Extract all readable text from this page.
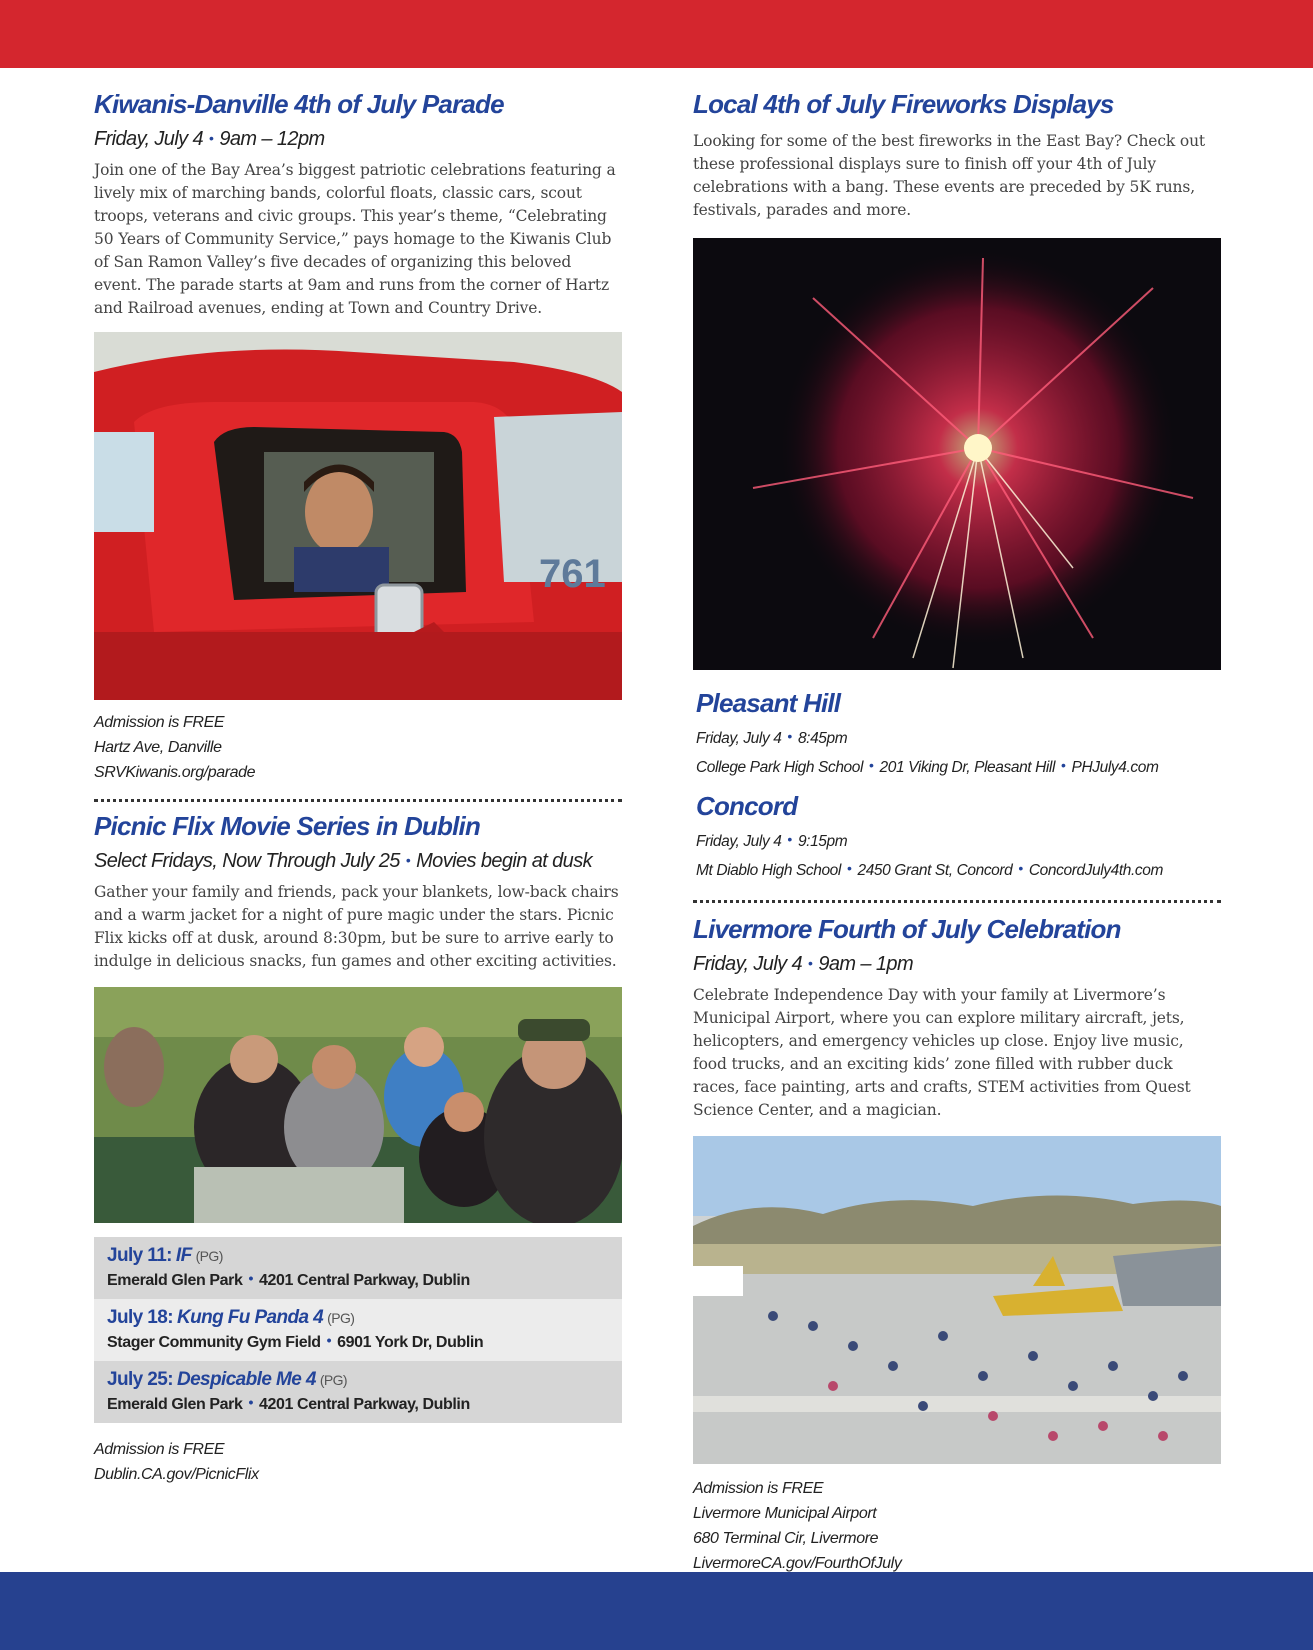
Kiwanis-Danville 4th of July Parade
Friday, July 4 • 9am – 12pm

Join one of the Bay Area’s biggest patriotic celebrations featuring a lively mix of marching bands, colorful floats, classic cars, scout troops, veterans and civic groups. This year’s theme, “Celebrating 50 Years of Community Service,” pays homage to the Kiwanis Club of San Ramon Valley’s five decades of organizing this beloved event. The parade starts at 9am and runs from the corner of Hartz and Railroad avenues, ending at Town and Country Drive.

761
Admission is FREE
Hartz Ave, Danville
SRVKiwanis.org/parade
Picnic Flix Movie Series in Dublin
Select Fridays, Now Through July 25 • Movies begin at dusk

Gather your family and friends, pack your blankets, low-back chairs and a warm jacket for a night of pure magic under the stars. Picnic Flix kicks off at dusk, around 8:30pm, but be sure to arrive early to indulge in delicious snacks, fun games and other exciting activities.

July 11: IF (PG)
Emerald Glen Park • 4201 Central Parkway, Dublin
July 18: Kung Fu Panda 4 (PG)
Stager Community Gym Field • 6901 York Dr, Dublin
July 25: Despicable Me 4 (PG)
Emerald Glen Park • 4201 Central Parkway, Dublin
Admission is FREE
Dublin.CA.gov/PicnicFlix
Local 4th of July Fireworks Displays

Looking for some of the best fireworks in the East Bay? Check out these professional displays sure to finish off your 4th of July celebrations with a bang. These events are preceded by 5K runs, festivals, parades and more.

Pleasant Hill
Friday, July 4 • 8:45pm
College Park High School • 201 Viking Dr, Pleasant Hill • PHJuly4.com
Concord
Friday, July 4 • 9:15pm
Mt Diablo High School • 2450 Grant St, Concord • ConcordJuly4th.com
Livermore Fourth of July Celebration
Friday, July 4 • 9am – 1pm

Celebrate Independence Day with your family at Livermore’s Municipal Airport, where you can explore military aircraft, jets, helicopters, and emergency vehicles up close. Enjoy live music, food trucks, and an exciting kids’ zone filled with rubber duck races, face painting, arts and crafts, STEM activities from Quest Science Center, and a magician.

Admission is FREE
Livermore Municipal Airport
680 Terminal Cir, Livermore
LivermoreCA.gov/FourthOfJuly
